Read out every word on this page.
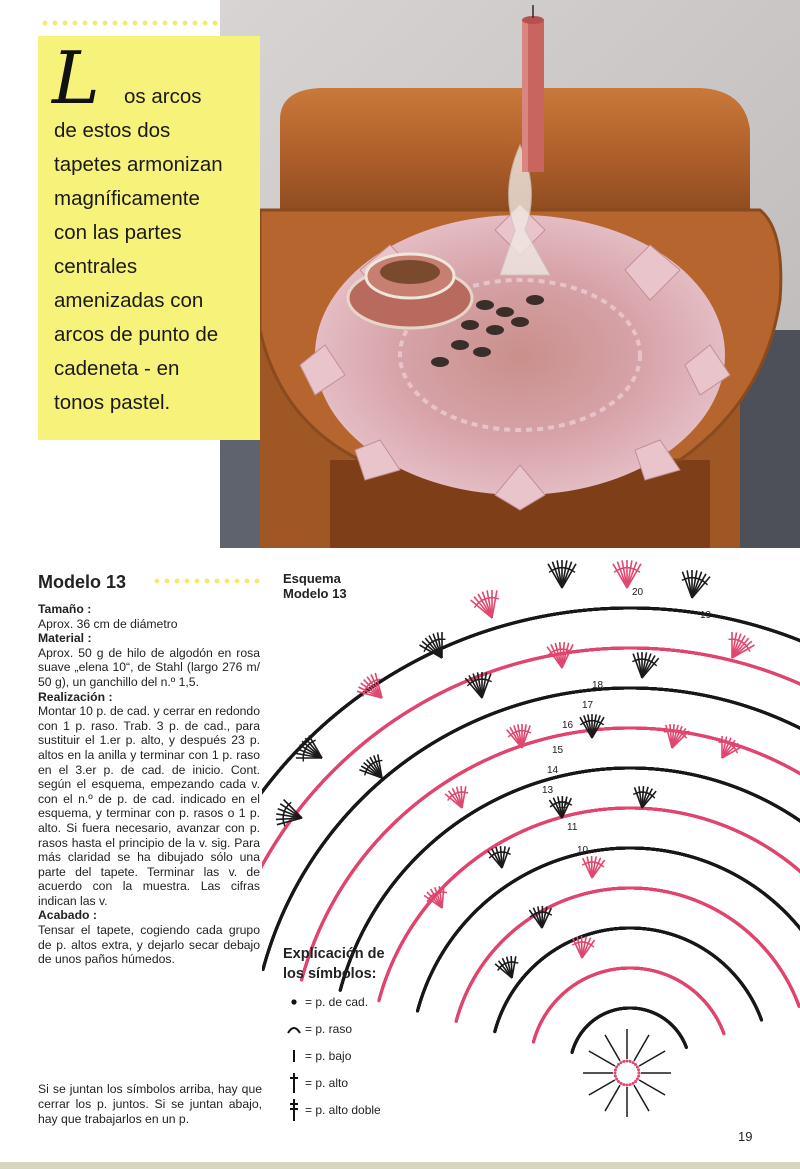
L	os arcos
de estos dos
tapetes armonizan
magníficamente
con las partes
centrales
amenizadas con
arcos de punto de
cadeneta - en
tonos pastel.
Modelo 13

Tamaño :

Aprox. 36 cm de diámetro

Material :

Aprox. 50 g de hilo de algodón en rosa suave „elena 10“, de Stahl (largo 276 m/ 50 g), un ganchillo del n.º 1,5.

Realización :

Montar 10 p. de cad. y cerrar en redondo con 1 p. raso. Trab. 3 p. de cad., para sustituir el 1.er p. alto, y después 23 p. altos en la anilla y terminar con 1 p. raso en el 3.er p. de cad. de inicio. Cont. según el esquema, empezando cada v. con el n.º de p. de cad. indicado en el esquema, y terminar con p. rasos o 1 p. alto. Si fuera necesario, avanzar con p. rasos hasta el principio de la v. sig. Para más claridad se ha dibujado sólo una parte del tapete. Terminar las v. de acuerdo con la muestra. Las cifras indican las v.

Acabado :

Tensar el tapete, cogiendo cada grupo de p. altos extra, y dejarlo secar debajo de unos paños húmedos.

Si se juntan los símbolos arriba, hay que cerrar los p. juntos. Si se juntan abajo, hay que trabajarlos en un p.
Esquema
Modelo 13	20
19
18
17
16
15
14
13
12
11
10
Explicación de
los símbolos:
= p. de cad.
= p. raso
= p. bajo
= p. alto
= p. alto doble
19
